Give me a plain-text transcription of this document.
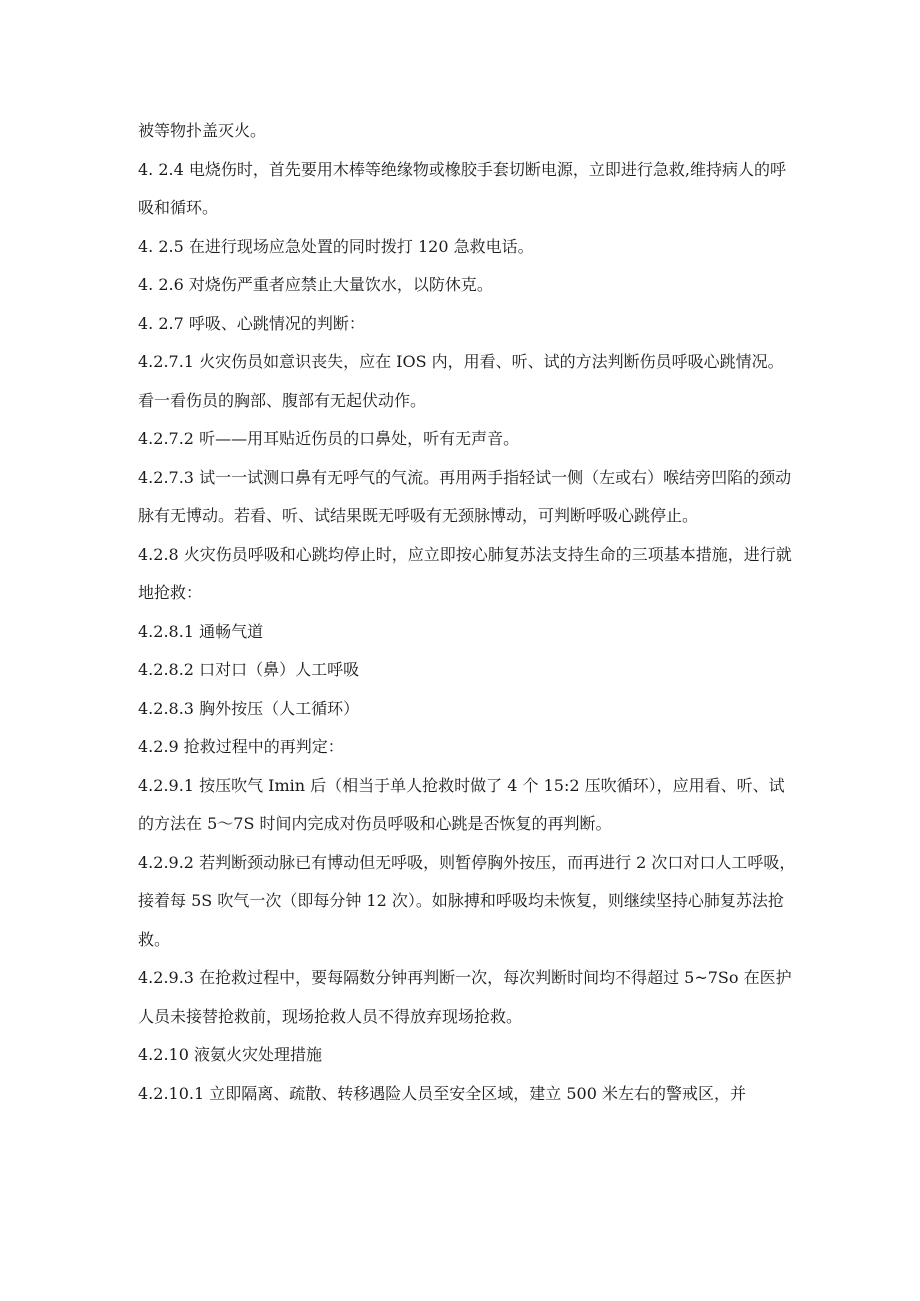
被等物扑盖灭火。

4. 2.4 电烧伤时，首先要用木棒等绝缘物或橡胶手套切断电源，立即进行急救,维持病人的呼吸和循环。

4. 2.5 在进行现场应急处置的同时拨打 120 急救电话。

4. 2.6 对烧伤严重者应禁止大量饮水，以防休克。

4. 2.7 呼吸、心跳情况的判断：

4.2.7.1 火灾伤员如意识丧失，应在 IOS 内，用看、听、试的方法判断伤员呼吸心跳情况。看一看伤员的胸部、腹部有无起伏动作。

4.2.7.2 听——用耳贴近伤员的口鼻处，听有无声音。

4.2.7.3 试一一试测口鼻有无呼气的气流。再用两手指轻试一侧（左或右）喉结旁凹陷的颈动脉有无博动。若看、听、试结果既无呼吸有无颈脉博动，可判断呼吸心跳停止。

4.2.8 火灾伤员呼吸和心跳均停止时，应立即按心肺复苏法支持生命的三项基本措施，进行就地抢救：

4.2.8.1 通畅气道

4.2.8.2 口对口（鼻）人工呼吸

4.2.8.3 胸外按压（人工循环）

4.2.9 抢救过程中的再判定：

4.2.9.1 按压吹气 Imin 后（相当于单人抢救时做了 4 个 15:2 压吹循环），应用看、听、试的方法在 5～7S 时间内完成对伤员呼吸和心跳是否恢复的再判断。

4.2.9.2 若判断颈动脉已有博动但无呼吸，则暂停胸外按压，而再进行 2 次口对口人工呼吸，接着每 5S 吹气一次（即每分钟 12 次）。如脉搏和呼吸均未恢复，则继续坚持心肺复苏法抢救。

4.2.9.3 在抢救过程中，要每隔数分钟再判断一次，每次判断时间均不得超过 5~7So 在医护人员未接替抢救前，现场抢救人员不得放弃现场抢救。

4.2.10 液氨火灾处理措施

4.2.10.1 立即隔离、疏散、转移遇险人员至安全区域，建立 500 米左右的警戒区，并
